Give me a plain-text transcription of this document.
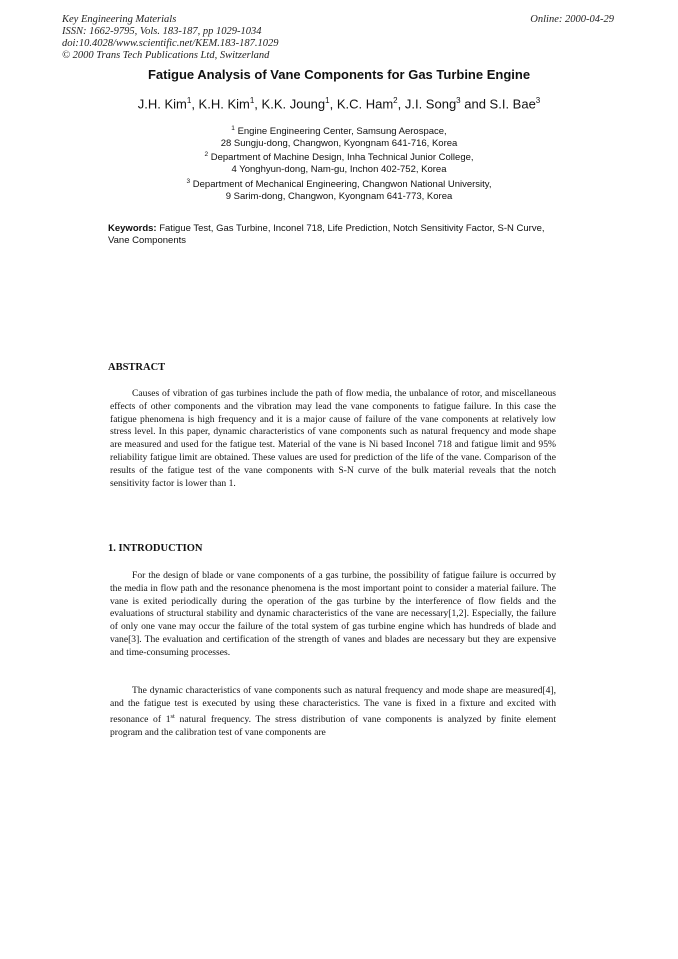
Key Engineering Materials
ISSN: 1662-9795, Vols. 183-187, pp 1029-1034
doi:10.4028/www.scientific.net/KEM.183-187.1029
© 2000 Trans Tech Publications Ltd, Switzerland
Online: 2000-04-29
Fatigue Analysis of Vane Components for Gas Turbine Engine
J.H. Kim$^1$, K.H. Kim$^1$, K.K. Joung$^1$, K.C. Ham$^2$, J.I. Song$^3$ and S.I. Bae$^3$
$^1$ Engine Engineering Center, Samsung Aerospace,
28 Sungju-dong, Changwon, Kyongnam 641-716, Korea
$^2$ Department of Machine Design, Inha Technical Junior College,
4 Yonghyun-dong, Nam-gu, Inchon 402-752, Korea
$^3$ Department of Mechanical Engineering, Changwon National University,
9 Sarim-dong, Changwon, Kyongnam 641-773, Korea
Keywords: Fatigue Test, Gas Turbine, Inconel 718, Life Prediction, Notch Sensitivity Factor, S-N Curve, Vane Components
ABSTRACT

Causes of vibration of gas turbines include the path of flow media, the unbalance of rotor, and miscellaneous effects of other components and the vibration may lead the vane components to fatigue failure. In this case the fatigue phenomena is high frequency and it is a major cause of failure of the vane components at relatively low stress level. In this paper, dynamic characteristics of vane components such as natural frequency and mode shape are measured and used for the fatigue test. Material of the vane is Ni based Inconel 718 and fatigue limit and 95% reliability fatigue limit are obtained. These values are used for prediction of the life of the vane. Comparison of the results of the fatigue test of the vane components with S-N curve of the bulk material reveals that the notch sensitivity factor is lower than 1.

1. INTRODUCTION

For the design of blade or vane components of a gas turbine, the possibility of fatigue failure is occurred by the media in flow path and the resonance phenomena is the most important point to consider a material failure. The vane is exited periodically during the operation of the gas turbine by the interference of flow fields and the evaluations of structural stability and dynamic characteristics of the vane are necessary[1,2]. Especially, the failure of only one vane may occur the failure of the total system of gas turbine engine which has hundreds of blade and vane[3]. The evaluation and certification of the strength of vanes and blades are necessary but they are expensive and time-consuming processes.

The dynamic characteristics of vane components such as natural frequency and mode shape are measured[4], and the fatigue test is executed by using these characteristics. The vane is fixed in a fixture and excited with resonance of 1st natural frequency. The stress distribution of vane components is analyzed by finite element program and the calibration test of vane components are
